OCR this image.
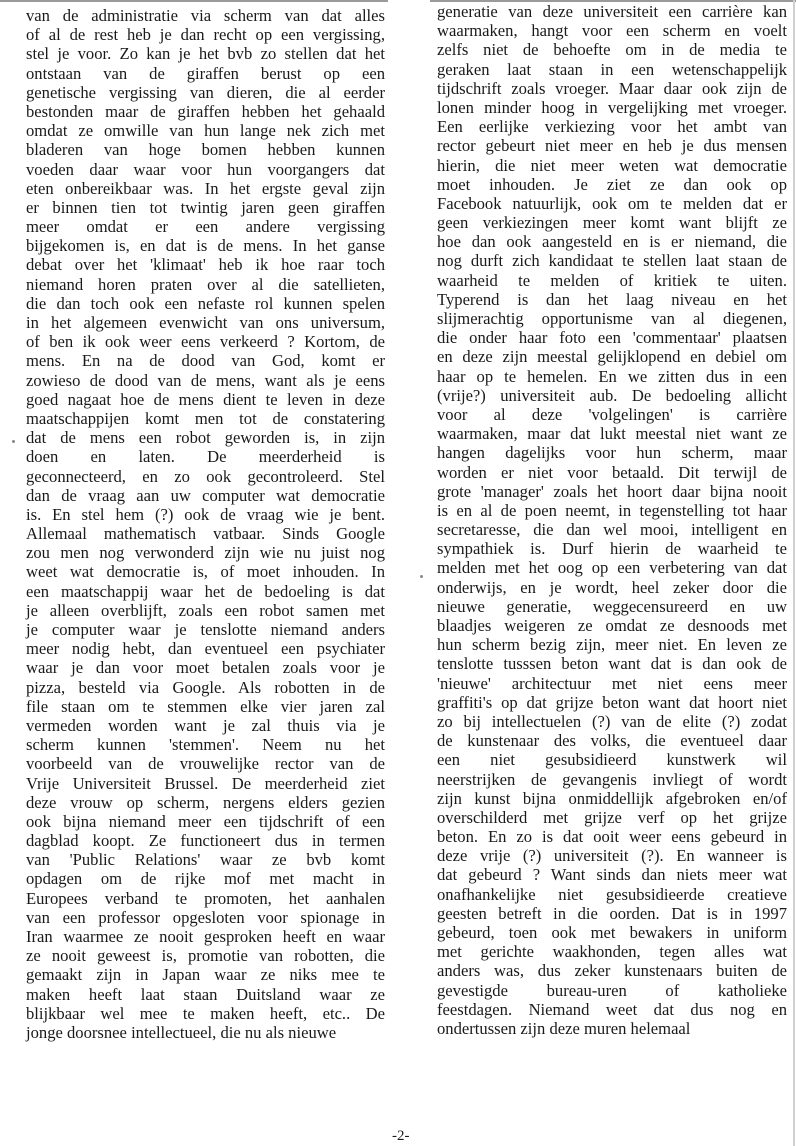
van de administratie via scherm van dat alles
of al de rest heb je dan recht op een vergissing,
stel je voor. Zo kan je het bvb zo stellen dat het
ontstaan van de giraffen berust op een
genetische vergissing van dieren, die al eerder
bestonden maar de giraffen hebben het gehaald
omdat ze omwille van hun lange nek zich met
bladeren van hoge bomen hebben kunnen
voeden daar waar voor hun voorgangers dat
eten onbereikbaar was. In het ergste geval zijn
er binnen tien tot twintig jaren geen giraffen
meer omdat er een andere vergissing
bijgekomen is, en dat is de mens. In het ganse
debat over het 'klimaat' heb ik hoe raar toch
niemand horen praten over al die satellieten,
die dan toch ook een nefaste rol kunnen spelen
in het algemeen evenwicht van ons universum,
of ben ik ook weer eens verkeerd ? Kortom, de
mens. En na de dood van God, komt er
zowieso de dood van de mens, want als je eens
goed nagaat hoe de mens dient te leven in deze
maatschappijen komt men tot de constatering
dat de mens een robot geworden is, in zijn
doen en laten. De meerderheid is
geconnecteerd, en zo ook gecontroleerd. Stel
dan de vraag aan uw computer wat democratie
is. En stel hem (?) ook de vraag wie je bent.
Allemaal mathematisch vatbaar. Sinds Google
zou men nog verwonderd zijn wie nu juist nog
weet wat democratie is, of moet inhouden. In
een maatschappij waar het de bedoeling is dat
je alleen overblijft, zoals een robot samen met
je computer waar je tenslotte niemand anders
meer nodig hebt, dan eventueel een psychiater
waar je dan voor moet betalen zoals voor je
pizza, besteld via Google. Als robotten in de
file staan om te stemmen elke vier jaren zal
vermeden worden want je zal thuis via je
scherm kunnen 'stemmen'. Neem nu het
voorbeeld van de vrouwelijke rector van de
Vrije Universiteit Brussel. De meerderheid ziet
deze vrouw op scherm, nergens elders gezien
ook bijna niemand meer een tijdschrift of een
dagblad koopt. Ze functioneert dus in termen
van 'Public Relations' waar ze bvb komt
opdagen om de rijke mof met macht in
Europees verband te promoten, het aanhalen
van een professor opgesloten voor spionage in
Iran waarmee ze nooit gesproken heeft en waar
ze nooit geweest is, promotie van robotten, die
gemaakt zijn in Japan waar ze niks mee te
maken heeft laat staan Duitsland waar ze
blijkbaar wel mee te maken heeft, etc.. De
jonge doorsnee intellectueel, die nu als nieuwe
generatie van deze universiteit een carrière kan
waarmaken, hangt voor een scherm en voelt
zelfs niet de behoefte om in de media te
geraken laat staan in een wetenschappelijk
tijdschrift zoals vroeger. Maar daar ook zijn de
lonen minder hoog in vergelijking met vroeger.
Een eerlijke verkiezing voor het ambt van
rector gebeurt niet meer en heb je dus mensen
hierin, die niet meer weten wat democratie
moet inhouden. Je ziet ze dan ook op
Facebook natuurlijk, ook om te melden dat er
geen verkiezingen meer komt want blijft ze
hoe dan ook aangesteld en is er niemand, die
nog durft zich kandidaat te stellen laat staan de
waarheid te melden of kritiek te uiten.
Typerend is dan het laag niveau en het
slijmerachtig opportunisme van al diegenen,
die onder haar foto een 'commentaar' plaatsen
en deze zijn meestal gelijklopend en debiel om
haar op te hemelen. En we zitten dus in een
(vrije?) universiteit aub. De bedoeling allicht
voor al deze 'volgelingen' is carrière
waarmaken, maar dat lukt meestal niet want ze
hangen dagelijks voor hun scherm, maar
worden er niet voor betaald. Dit terwijl de
grote 'manager' zoals het hoort daar bijna nooit
is en al de poen neemt, in tegenstelling tot haar
secretaresse, die dan wel mooi, intelligent en
sympathiek is. Durf hierin de waarheid te
melden met het oog op een verbetering van dat
onderwijs, en je wordt, heel zeker door die
nieuwe generatie, weggecensureerd en uw
blaadjes weigeren ze omdat ze desnoods met
hun scherm bezig zijn, meer niet. En leven ze
tenslotte tusssen beton want dat is dan ook de
'nieuwe' architectuur met niet eens meer
graffiti's op dat grijze beton want dat hoort niet
zo bij intellectuelen (?) van de elite (?) zodat
de kunstenaar des volks, die eventueel daar
een niet gesubsidieerd kunstwerk wil
neerstrijken de gevangenis invliegt of wordt
zijn kunst bijna onmiddellijk afgebroken en/of
overschilderd met grijze verf op het grijze
beton. En zo is dat ooit weer eens gebeurd in
deze vrije (?) universiteit (?). En wanneer is
dat gebeurd ? Want sinds dan niets meer wat
onafhankelijke niet gesubsidieerde creatieve
geesten betreft in die oorden. Dat is in 1997
gebeurd, toen ook met bewakers in uniform
met gerichte waakhonden, tegen alles wat
anders was, dus zeker kunstenaars buiten de
gevestigde bureau-uren of katholieke
feestdagen. Niemand weet dat dus nog en
ondertussen zijn deze muren helemaal
-2-
